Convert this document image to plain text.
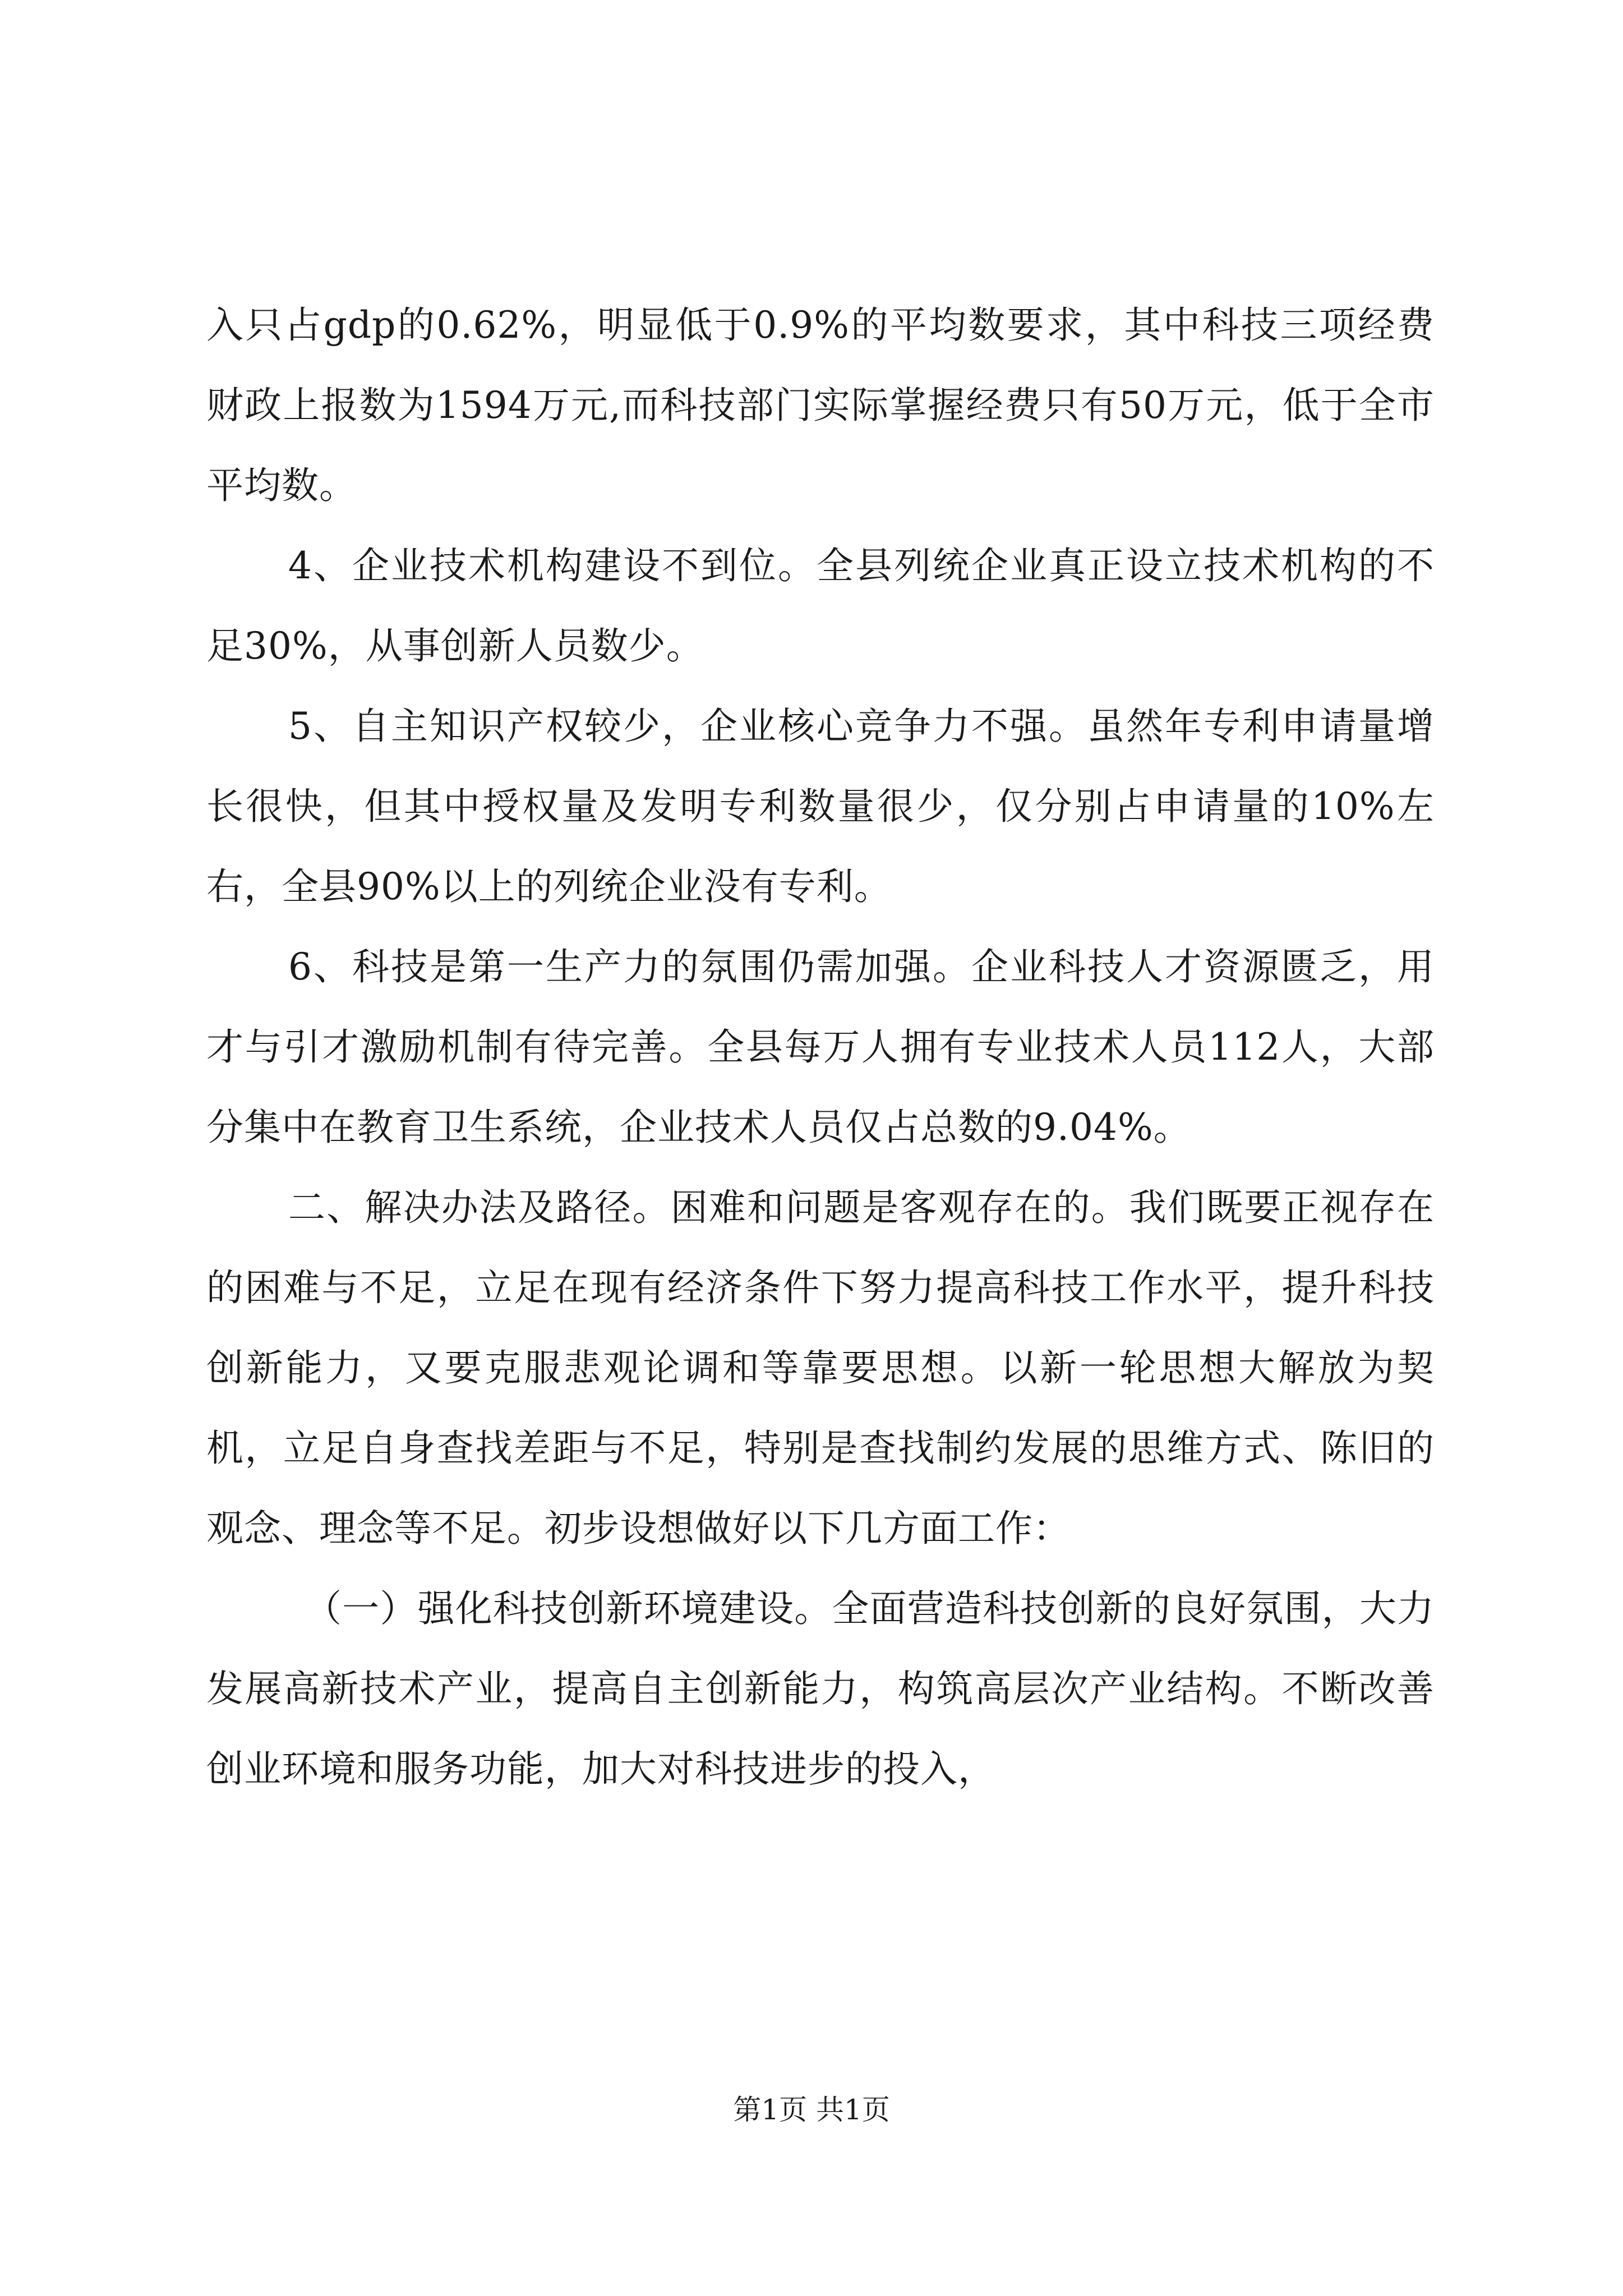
入只占gdp的0.62%，明显低于0.9%的平均数要求，其中科技三项经费财政上报数为1594万元,而科技部门实际掌握经费只有50万元，低于全市平均数。

4、企业技术机构建设不到位。全县列统企业真正设立技术机构的不足30%，从事创新人员数少。

5、自主知识产权较少，企业核心竞争力不强。虽然年专利申请量增长很快，但其中授权量及发明专利数量很少，仅分别占申请量的10%左右，全县90%以上的列统企业没有专利。

6、科技是第一生产力的氛围仍需加强。企业科技人才资源匮乏，用才与引才激励机制有待完善。全县每万人拥有专业技术人员112人，大部分集中在教育卫生系统，企业技术人员仅占总数的9.04%。

二、解决办法及路径。困难和问题是客观存在的。我们既要正视存在的困难与不足，立足在现有经济条件下努力提高科技工作水平，提升科技创新能力，又要克服悲观论调和等靠要思想。以新一轮思想大解放为契机，立足自身查找差距与不足，特别是查找制约发展的思维方式、陈旧的观念、理念等不足。初步设想做好以下几方面工作：

（一）强化科技创新环境建设。全面营造科技创新的良好氛围，大力发展高新技术产业，提高自主创新能力，构筑高层次产业结构。不断改善创业环境和服务功能，加大对科技进步的投入，

第1页 共1页
